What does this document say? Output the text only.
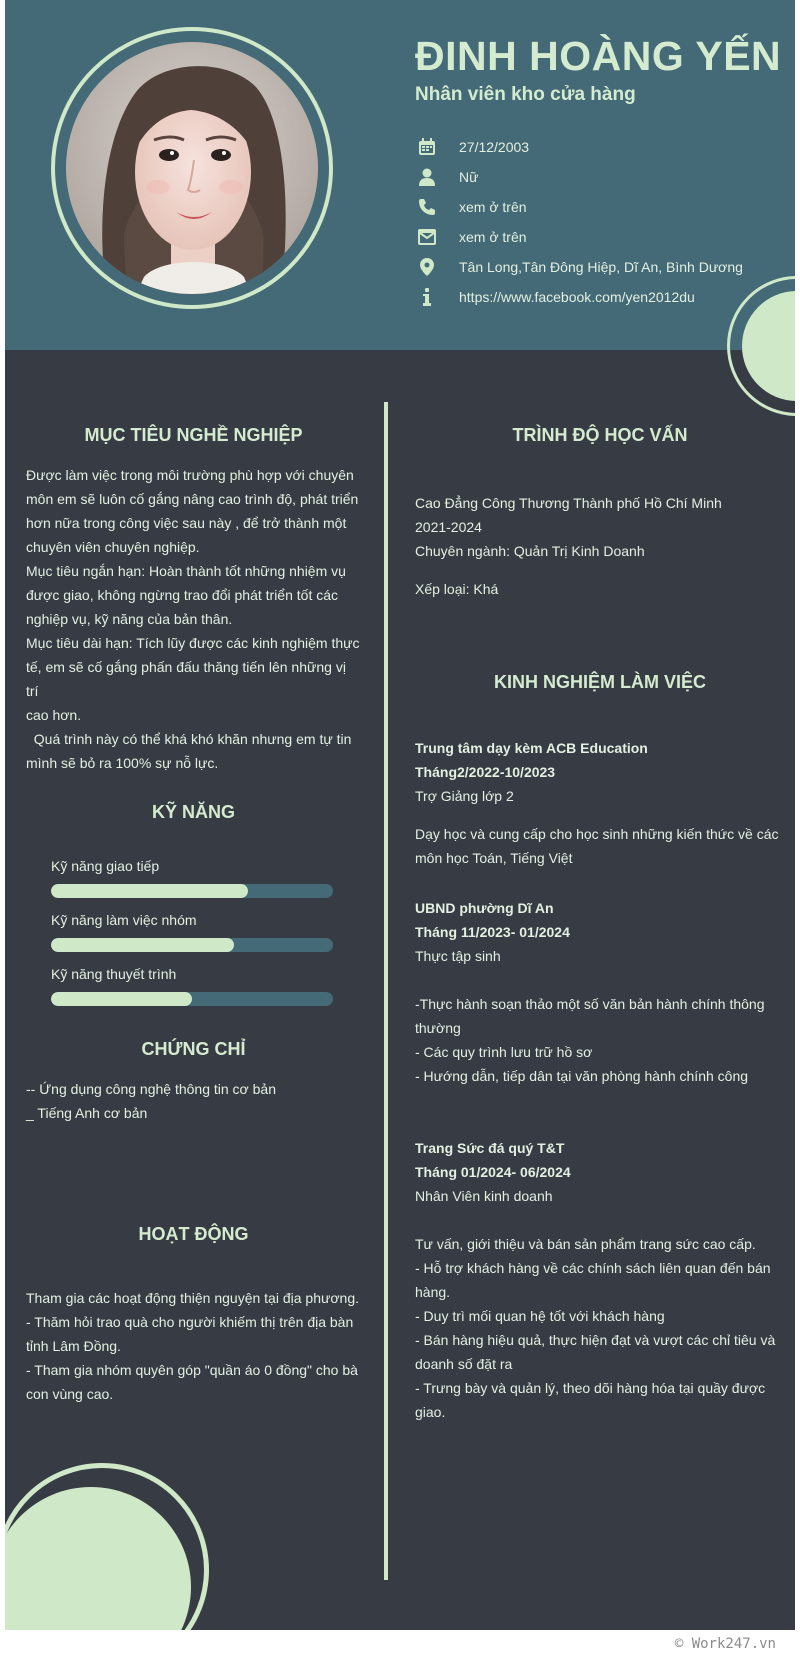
ĐINH HOÀNG YẾN
Nhân viên kho cửa hàng
27/12/2003
Nữ
xem ở trên
xem ở trên
Tân Long,Tân Đông Hiệp, Dĩ An, Bình Dương
https://www.facebook.com/yen2012du
MỤC TIÊU NGHỀ NGHIỆP
Được làm việc trong môi trường phù hợp với chuyên
môn em sẽ luôn cố gắng nâng cao trình độ, phát triển
hơn nữa trong công việc sau này , để trở thành một
chuyên viên chuyên nghiệp.
Mục tiêu ngắn hạn: Hoàn thành tốt những nhiệm vụ
được giao, không ngừng trao đổi phát triển tốt các
nghiệp vụ, kỹ năng của bản thân.
Mục tiêu dài hạn: Tích lũy được các kinh nghiệm thực
tế, em sẽ cố gắng phấn đấu thăng tiến lên những vị trí
cao hơn.
Quá trình này có thể khá khó khăn nhưng em tự tin
mình sẽ bỏ ra 100% sự nỗ lực.
KỸ NĂNG
Kỹ năng giao tiếp
Kỹ năng làm việc nhóm
Kỹ năng thuyết trình
CHỨNG CHỈ
-- Ứng dụng công nghệ thông tin cơ bản
_ Tiếng Anh cơ bản
HOẠT ĐỘNG
Tham gia các hoạt động thiện nguyện tại địa phương.
- Thăm hỏi trao quà cho người khiếm thị trên địa bàn
tỉnh Lâm Đồng.
- Tham gia nhóm quyên góp "quần áo 0 đồng" cho bà
con vùng cao.
TRÌNH ĐỘ HỌC VẤN
Cao Đẳng Công Thương Thành phố Hồ Chí Minh
2021-2024
Chuyên ngành: Quản Trị Kinh Doanh
Xếp loại: Khá
KINH NGHIỆM LÀM VIỆC
Trung tâm dạy kèm ACB Education
Tháng2/2022-10/2023
Trợ Giảng lớp 2
Dạy học và cung cấp cho học sinh những kiến thức về các
môn học Toán, Tiếng Việt
UBND phường Dĩ An
Tháng 11/2023- 01/2024
Thực tập sinh
-Thực hành soạn thảo một số văn bản hành chính thông
thường
- Các quy trình lưu trữ hồ sơ
- Hướng dẫn, tiếp dân tại văn phòng hành chính công
Trang Sức đá quý T&T
Tháng 01/2024- 06/2024
Nhân Viên kinh doanh
Tư vấn, giới thiệu và bán sản phẩm trang sức cao cấp.
- Hỗ trợ khách hàng về các chính sách liên quan đến bán
hàng.
- Duy trì mối quan hệ tốt với khách hàng
- Bán hàng hiệu quả, thực hiện đạt và vượt các chỉ tiêu và
doanh số đặt ra
- Trưng bày và quản lý, theo dõi hàng hóa tại quầy được
giao.
© Work247.vn
